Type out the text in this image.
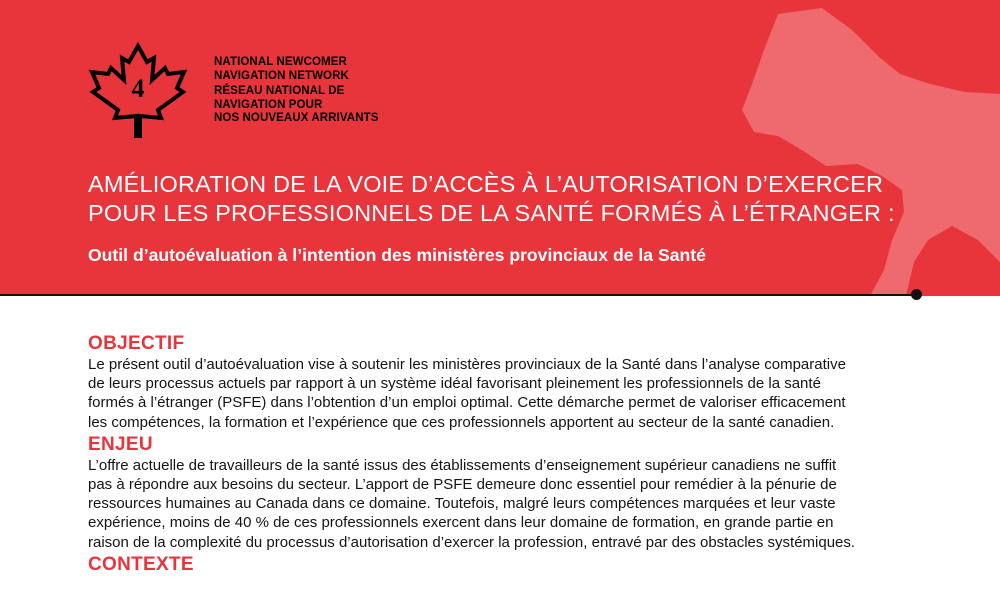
4
NATIONAL NEWCOMER
NAVIGATION NETWORK
RÉSEAU NATIONAL DE
NAVIGATION POUR
NOS NOUVEAUX ARRIVANTS
AMÉLIORATION DE LA VOIE D’ACCÈS À L’AUTORISATION D’EXERCER
POUR LES PROFESSIONNELS DE LA SANTÉ FORMÉS À L’ÉTRANGER :
Outil d’autoévaluation à l’intention des ministères provinciaux de la Santé
OBJECTIF
Le présent outil d’autoévaluation vise à soutenir les ministères provinciaux de la Santé dans l’analyse comparative
de leurs processus actuels par rapport à un système idéal favorisant pleinement les professionnels de la santé
formés à l’étranger (PSFE) dans l’obtention d’un emploi optimal. Cette démarche permet de valoriser efficacement
les compétences, la formation et l’expérience que ces professionnels apportent au secteur de la santé canadien.
ENJEU
L’offre actuelle de travailleurs de la santé issus des établissements d’enseignement supérieur canadiens ne suffit
pas à répondre aux besoins du secteur. L’apport de PSFE demeure donc essentiel pour remédier à la pénurie de
ressources humaines au Canada dans ce domaine. Toutefois, malgré leurs compétences marquées et leur vaste
expérience, moins de 40 % de ces professionnels exercent dans leur domaine de formation, en grande partie en
raison de la complexité du processus d’autorisation d’exercer la profession, entravé par des obstacles systémiques.
CONTEXTE
